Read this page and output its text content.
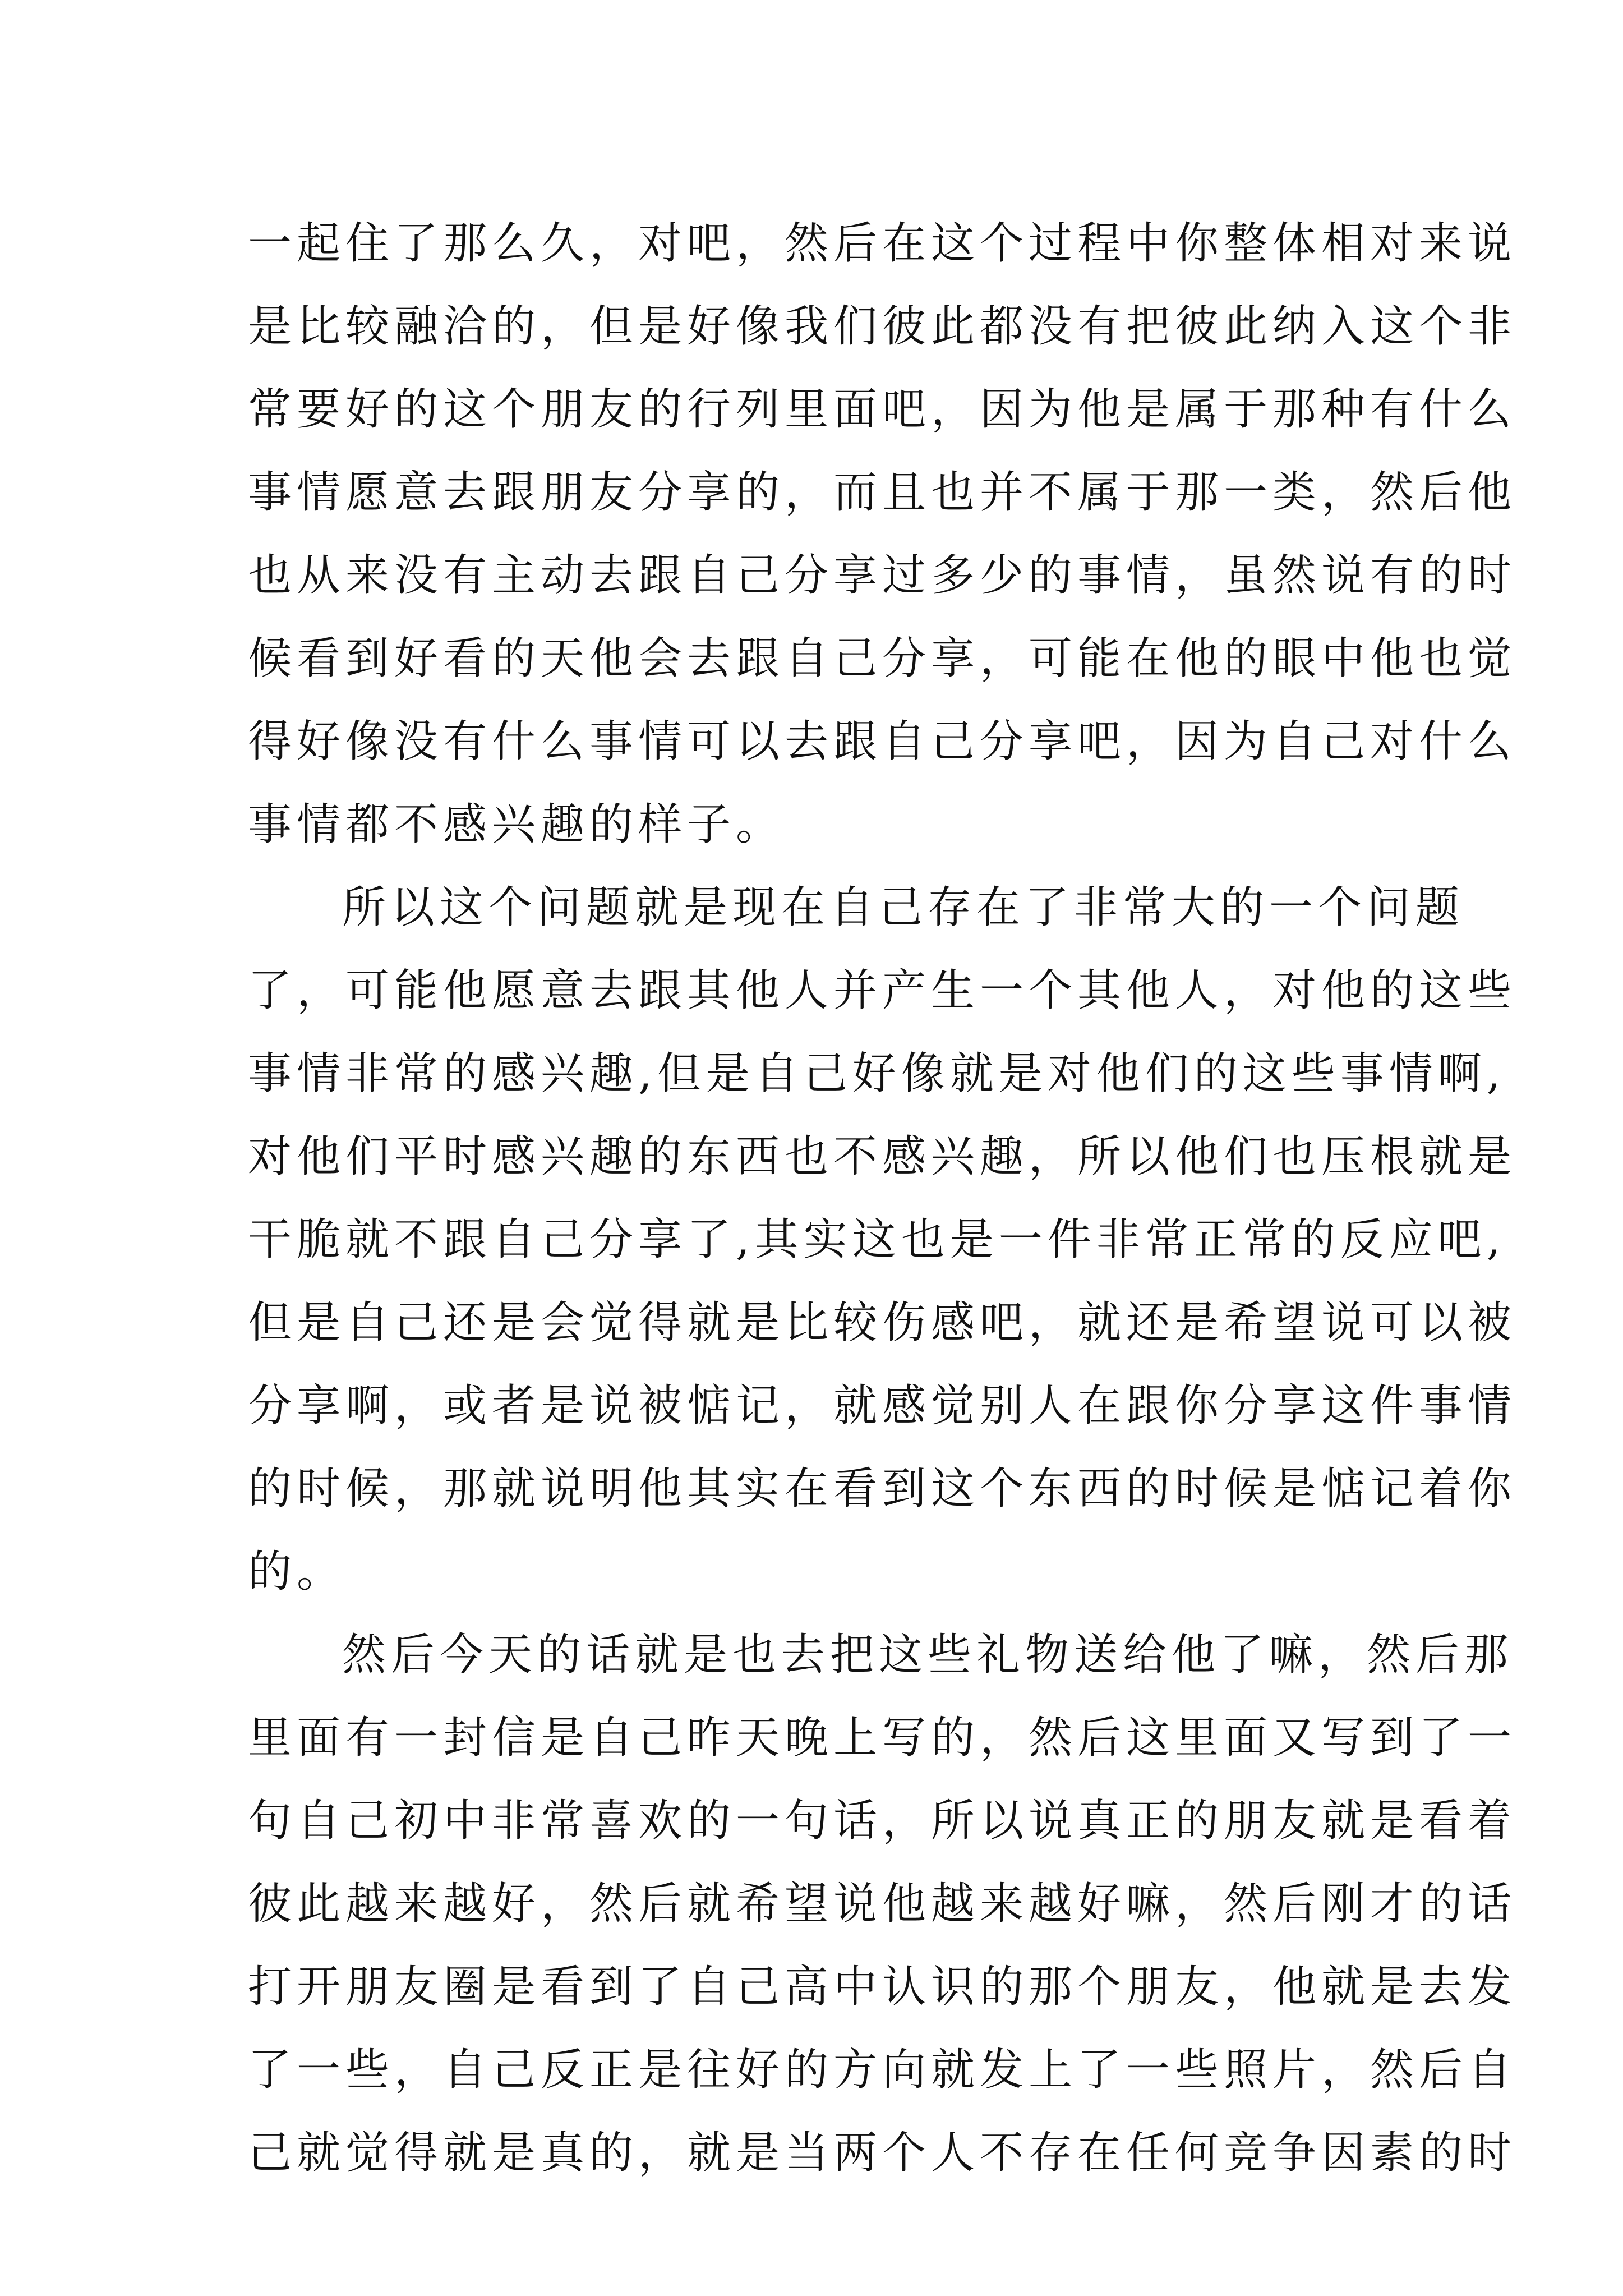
一起住了那么久，对吧，然后在这个过程中你整体相对来说
是比较融洽的，但是好像我们彼此都没有把彼此纳入这个非
常要好的这个朋友的行列里面吧，因为他是属于那种有什么
事情愿意去跟朋友分享的，而且也并不属于那一类，然后他
也从来没有主动去跟自己分享过多少的事情，虽然说有的时
候看到好看的天他会去跟自己分享，可能在他的眼中他也觉
得好像没有什么事情可以去跟自己分享吧，因为自己对什么
事情都不感兴趣的样子。
所以这个问题就是现在自己存在了非常大的一个问题
了，可能他愿意去跟其他人并产生一个其他人，对他的这些
事情非常的感兴趣,但是自己好像就是对他们的这些事情啊,
对他们平时感兴趣的东西也不感兴趣，所以他们也压根就是
干脆就不跟自己分享了,其实这也是一件非常正常的反应吧,
但是自己还是会觉得就是比较伤感吧，就还是希望说可以被
分享啊，或者是说被惦记，就感觉别人在跟你分享这件事情
的时候，那就说明他其实在看到这个东西的时候是惦记着你
的。
然后今天的话就是也去把这些礼物送给他了嘛，然后那
里面有一封信是自己昨天晚上写的，然后这里面又写到了一
句自己初中非常喜欢的一句话，所以说真正的朋友就是看着
彼此越来越好，然后就希望说他越来越好嘛，然后刚才的话
打开朋友圈是看到了自己高中认识的那个朋友，他就是去发
了一些，自己反正是往好的方向就发上了一些照片，然后自
己就觉得就是真的，就是当两个人不存在任何竞争因素的时
